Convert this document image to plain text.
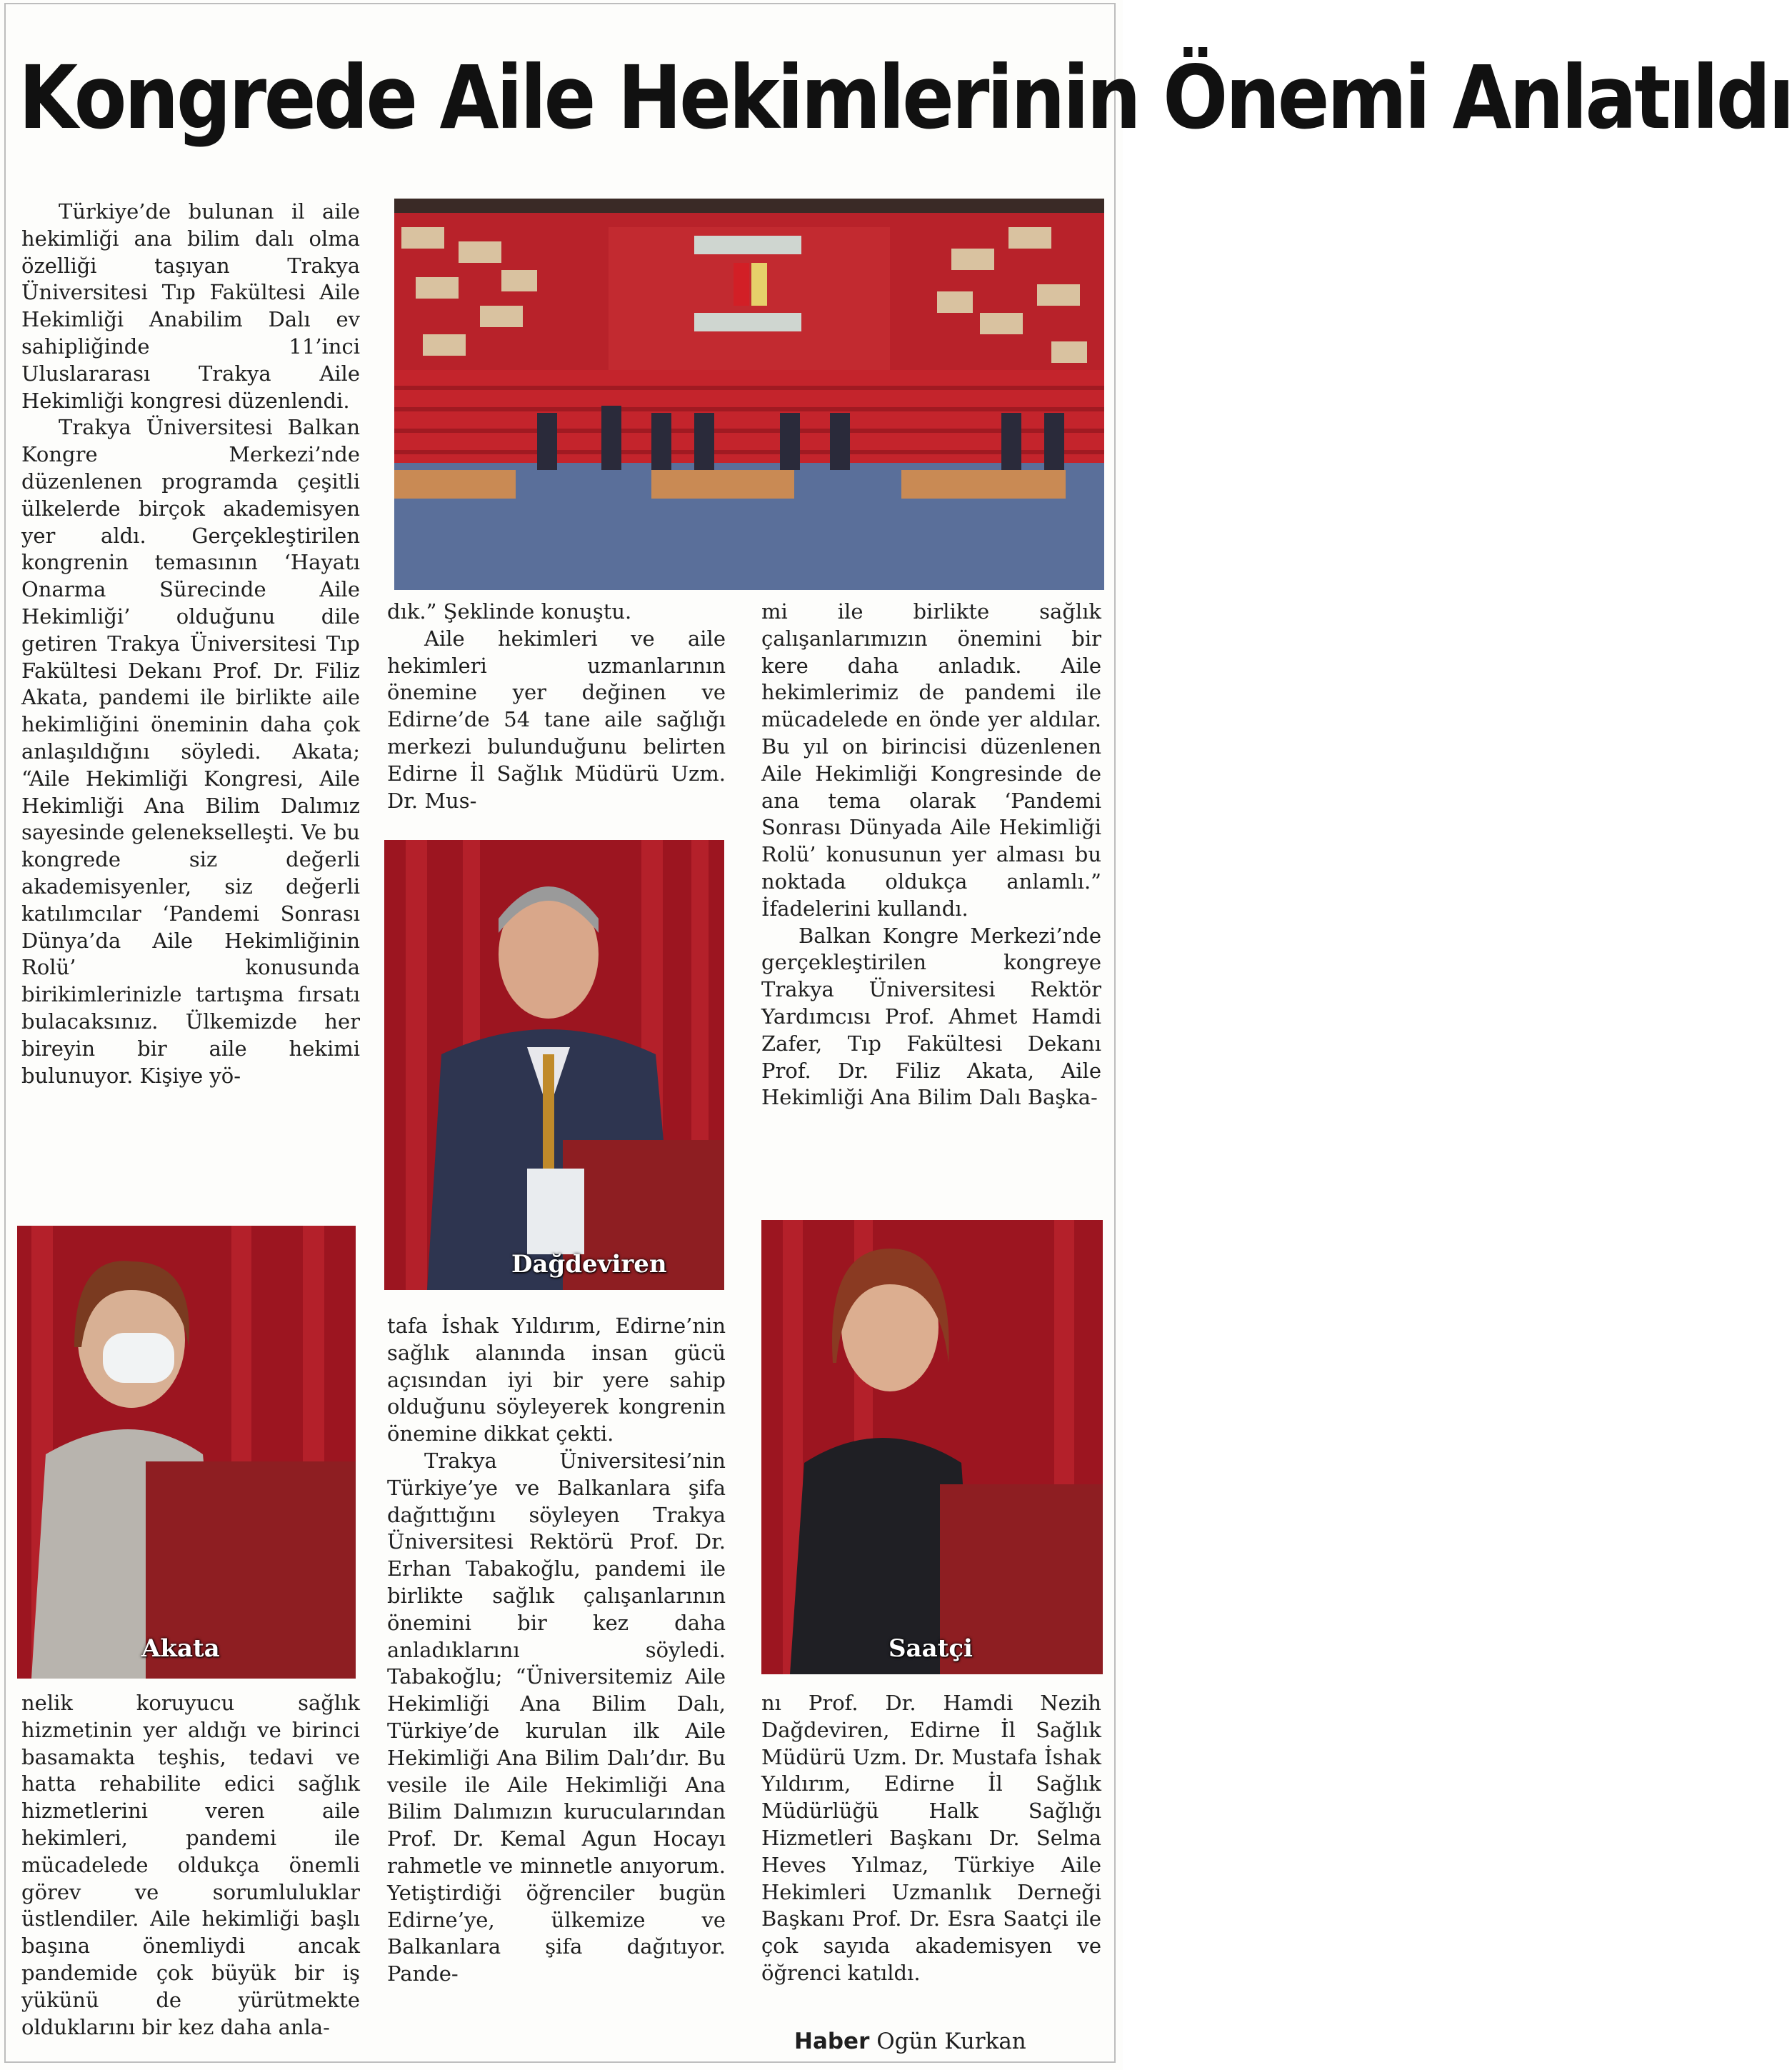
Kongrede Aile Hekimlerinin Önemi Anlatıldı

Türkiye’de bulunan il aile hekimliği ana bilim dalı olma özelliği taşıyan Trakya Üniversitesi Tıp Fakültesi Aile Hekimliği Anabilim Dalı ev sahipliğinde 11’inci Uluslararası Trakya Aile Hekimliği kongresi düzenlendi.

Trakya Üniversitesi Balkan Kongre Merkezi’nde düzenlenen programda çeşitli ülkelerde birçok akademisyen yer aldı. Gerçekleştirilen kongrenin temasının ‘Hayatı Onarma Sürecinde Aile Hekimliği’ olduğunu dile getiren Trakya Üniversitesi Tıp Fakültesi Dekanı Prof. Dr. Filiz Akata, pandemi ile birlikte aile hekimliğini öneminin daha çok anlaşıldığını söyledi. Akata; “Aile Hekimliği Kongresi, Aile Hekimliği Ana Bilim Dalımız sayesinde gelenekselleşti. Ve bu kongrede siz değerli akademisyenler, siz değerli katılımcılar ‘Pandemi Sonrası Dünya’da Aile Hekimliğinin Rolü’ konusunda birikimlerinizle tartışma fırsatı bulacaksınız. Ülkemizde her bireyin bir aile hekimi bulunuyor. Kişiye yö-

nelik koruyucu sağlık hizmetinin yer aldığı ve birinci basamakta teşhis, tedavi ve hatta rehabilite edici sağlık hizmetlerini veren aile hekimleri, pandemi ile mücadelede oldukça önemli görev ve sorumluluklar üstlendiler. Aile hekimliği başlı başına önemliydi ancak pandemide çok büyük bir iş yükünü de yürütmekte olduklarını bir kez daha anla-

dık.” Şeklinde konuştu.

Aile hekimleri ve aile hekimleri uzmanlarının önemine yer değinen ve Edirne’de 54 tane aile sağlığı merkezi bulunduğunu belirten Edirne İl Sağlık Müdürü Uzm. Dr. Mus-

tafa İshak Yıldırım, Edirne’nin sağlık alanında insan gücü açısından iyi bir yere sahip olduğunu söyleyerek kongrenin önemine dikkat çekti.

Trakya Üniversitesi’nin Türkiye’ye ve Balkanlara şifa dağıttığını söyleyen Trakya Üniversitesi Rektörü Prof. Dr. Erhan Tabakoğlu, pandemi ile birlikte sağlık çalışanlarının önemini bir kez daha anladıklarını söyledi. Tabakoğlu; “Üniversitemiz Aile Hekimliği Ana Bilim Dalı, Türkiye’de kurulan ilk Aile Hekimliği Ana Bilim Dalı’dır. Bu vesile ile Aile Hekimliği Ana Bilim Dalımızın kurucularından Prof. Dr. Kemal Agun Hocayı rahmetle ve minnetle anıyorum. Yetiştirdiği öğrenciler bugün Edirne’ye, ülkemize ve Balkanlara şifa dağıtıyor. Pande-

mi ile birlikte sağlık çalışanlarımızın önemini bir kere daha anladık. Aile hekimlerimiz de pandemi ile mücadelede en önde yer aldılar. Bu yıl on birincisi düzenlenen Aile Hekimliği Kongresinde de ana tema olarak ‘Pandemi Sonrası Dünyada Aile Hekimliği Rolü’ konusunun yer alması bu noktada oldukça anlamlı.” İfadelerini kullandı.

Balkan Kongre Merkezi’nde gerçekleştirilen kongreye Trakya Üniversitesi Rektör Yardımcısı Prof. Ahmet Hamdi Zafer, Tıp Fakültesi Dekanı Prof. Dr. Filiz Akata, Aile Hekimliği Ana Bilim Dalı Başka-

nı Prof. Dr. Hamdi Nezih Dağdeviren, Edirne İl Sağlık Müdürü Uzm. Dr. Mustafa İshak Yıldırım, Edirne İl Sağlık Müdürlüğü Halk Sağlığı Hizmetleri Başkanı Dr. Selma Heves Yılmaz, Türkiye Aile Hekimleri Uzmanlık Derneği Başkanı Prof. Dr. Esra Saatçi ile çok sayıda akademisyen ve öğrenci katıldı.

Dağdeviren
Akata	Saatçi
Haber Ogün Kurkan
